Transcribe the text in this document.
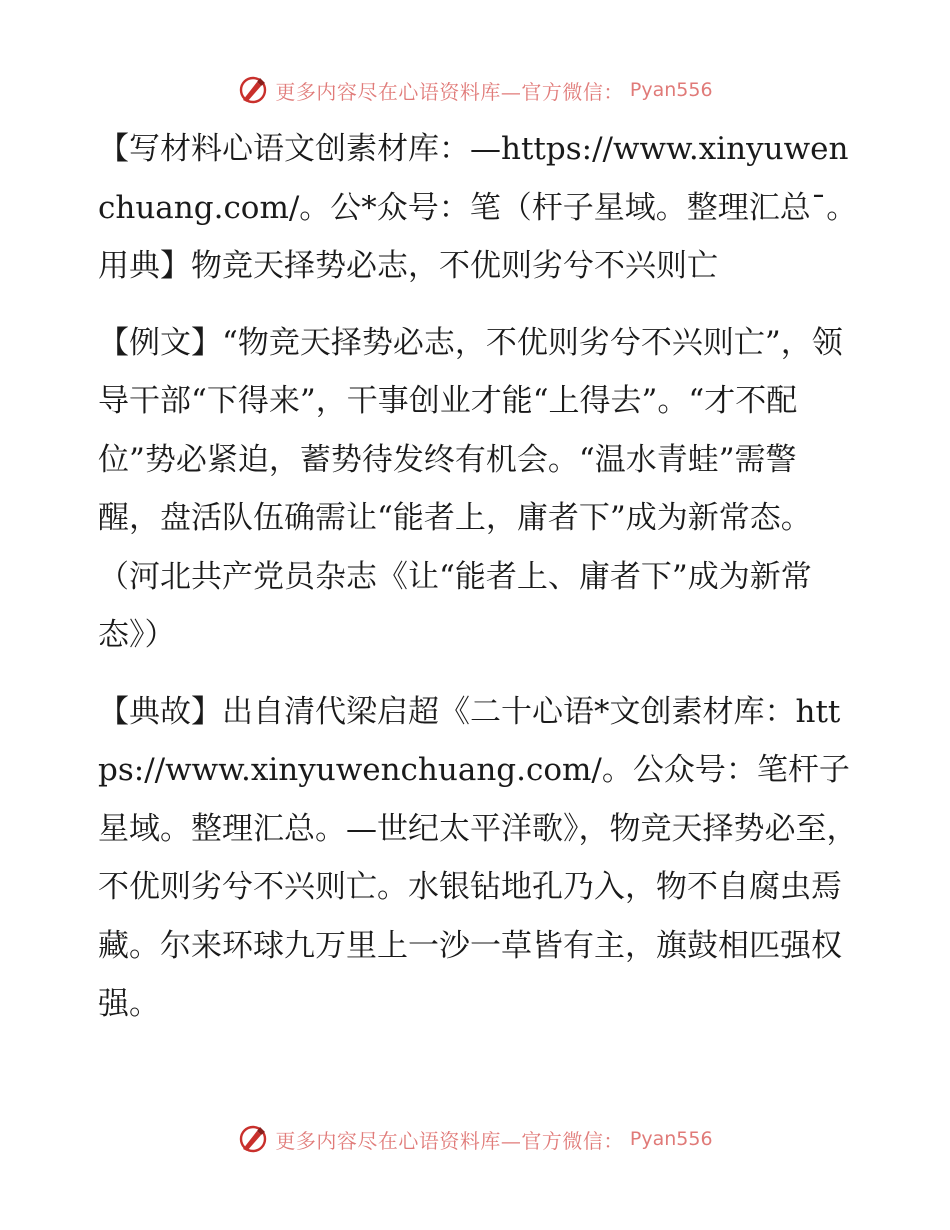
更多内容尽在心语资料库—官方微信： Pyan556

【写材料心语文创素材库：—https://www.xinyuwenchuang.com/。公*众号：笔（杆子星域。整理汇总¯。用典】物竞天择势必志，不优则劣兮不兴则亡

【例文】“物竞天择势必志，不优则劣兮不兴则亡”，领导干部“下得来”，干事创业才能“上得去”。“才不配位”势必紧迫，蓄势待发终有机会。“温水青蛙”需警醒，盘活队伍确需让“能者上，庸者下”成为新常态。（河北共产党员杂志《让“能者上、庸者下”成为新常态》）

【典故】出自清代梁启超《二十心语*文创素材库：https://www.xinyuwenchuang.com/。公众号：笔杆子星域。整理汇总。—世纪太平洋歌》，物竞天择势必至，不优则劣兮不兴则亡。水银钻地孔乃入，物不自腐虫焉藏。尔来环球九万里上一沙一草皆有主，旗鼓相匹强权强。

更多内容尽在心语资料库—官方微信： Pyan556
